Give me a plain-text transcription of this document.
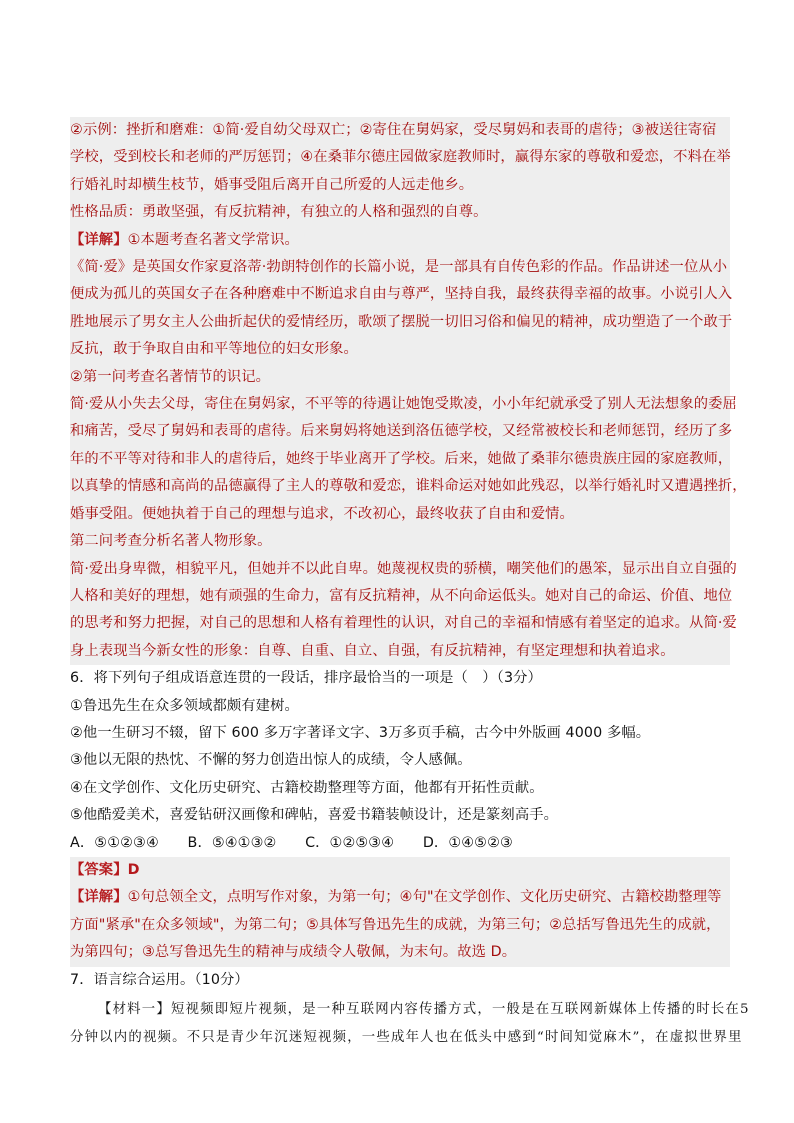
②示例：挫折和磨难：①简·爱自幼父母双亡；②寄住在舅妈家，受尽舅妈和表哥的虐待；③被送往寄宿
学校，受到校长和老师的严厉惩罚；④在桑菲尔德庄园做家庭教师时，赢得东家的尊敬和爱恋，不料在举
行婚礼时却横生枝节，婚事受阻后离开自己所爱的人远走他乡。
性格品质：勇敢坚强，有反抗精神，有独立的人格和强烈的自尊。
【详解】①本题考查名著文学常识。
《简·爱》是英国女作家夏洛蒂·勃朗特创作的长篇小说，是一部具有自传色彩的作品。作品讲述一位从小
便成为孤儿的英国女子在各种磨难中不断追求自由与尊严，坚持自我，最终获得幸福的故事。小说引人入
胜地展示了男女主人公曲折起伏的爱情经历，歌颂了摆脱一切旧习俗和偏见的精神，成功塑造了一个敢于
反抗，敢于争取自由和平等地位的妇女形象。
②第一问考查名著情节的识记。
简·爱从小失去父母，寄住在舅妈家，不平等的待遇让她饱受欺凌，小小年纪就承受了别人无法想象的委屈
和痛苦，受尽了舅妈和表哥的虐待。后来舅妈将她送到洛伍德学校，又经常被校长和老师惩罚，经历了多
年的不平等对待和非人的虐待后，她终于毕业离开了学校。后来，她做了桑菲尔德贵族庄园的家庭教师，
以真挚的情感和高尚的品德赢得了主人的尊敬和爱恋，谁料命运对她如此残忍，以举行婚礼时又遭遇挫折，
婚事受阻。便她执着于自己的理想与追求，不改初心，最终收获了自由和爱情。
第二问考查分析名著人物形象。
简·爱出身卑微，相貌平凡，但她并不以此自卑。她蔑视权贵的骄横，嘲笑他们的愚笨，显示出自立自强的
人格和美好的理想，她有顽强的生命力，富有反抗精神，从不向命运低头。她对自己的命运、价值、地位
的思考和努力把握，对自己的思想和人格有着理性的认识，对自己的幸福和情感有着坚定的追求。从简·爱
身上表现当今新女性的形象：自尊、自重、自立、自强，有反抗精神，有坚定理想和执着追求。
6．将下列句子组成语意连贯的一段话，排序最恰当的一项是（　）（3分）
①鲁迅先生在众多领域都颇有建树。
②他一生研习不辍，留下 600 多万字著译文字、3万多页手稿，古今中外版画 4000 多幅。
③他以无限的热忱、不懈的努力创造出惊人的成绩，令人感佩。
④在文学创作、文化历史研究、古籍校勘整理等方面，他都有开拓性贡献。
⑤他酷爱美术，喜爱钻研汉画像和碑帖，喜爱书籍装帧设计，还是篆刻高手。
A．⑤①②③④ B．⑤④①③② C．①②⑤③④ D．①④⑤②③
【答案】D
【详解】①句总领全文，点明写作对象，为第一句；④句"在文学创作、文化历史研究、古籍校勘整理等
方面"紧承"在众多领域"，为第二句；⑤具体写鲁迅先生的成就，为第三句；②总括写鲁迅先生的成就，
为第四句；③总写鲁迅先生的精神与成绩令人敬佩，为末句。故选 D。
7．语言综合运用。（10分）
【材料一】短视频即短片视频，是一种互联网内容传播方式，一般是在互联网新媒体上传播的时长在5
分钟以内的视频。不只是青少年沉迷短视频，一些成年人也在低头中感到“时间知觉麻木”，在虚拟世界里
